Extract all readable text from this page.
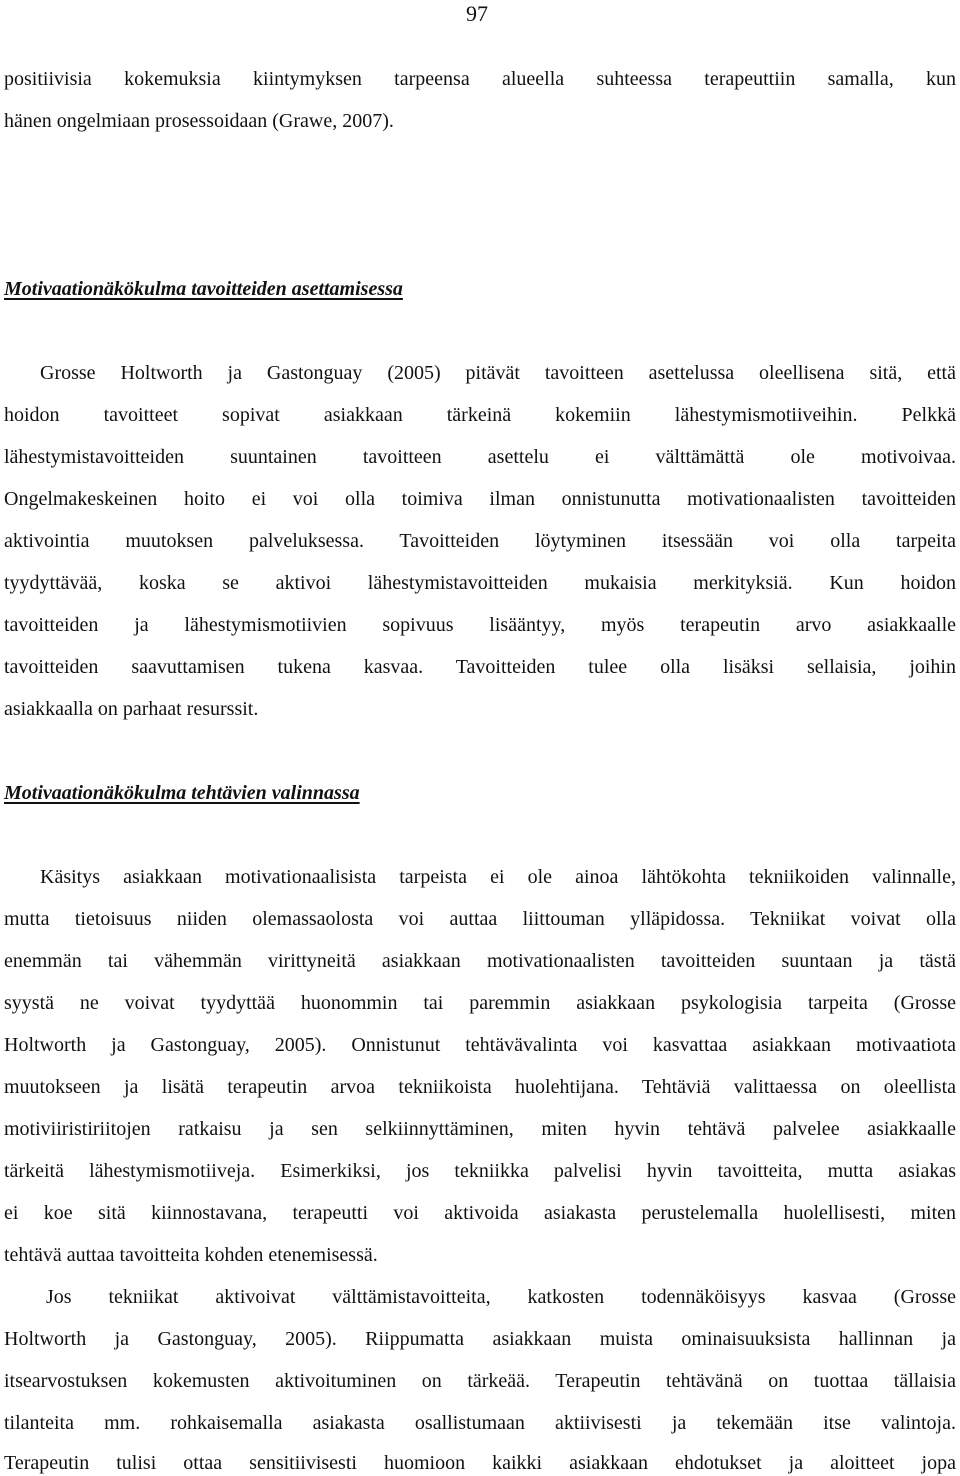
97
positiivisia kokemuksia kiintymyksen tarpeensa alueella suhteessa terapeuttiin samalla, kun
hänen ongelmiaan prosessoidaan (Grawe, 2007).
Motivaationäkökulma tavoitteiden asettamisessa
Grosse Holtworth ja Gastonguay (2005) pitävät tavoitteen asettelussa oleellisena sitä, että
hoidon tavoitteet sopivat asiakkaan tärkeinä kokemiin lähestymismotiiveihin. Pelkkä
lähestymistavoitteiden suuntainen tavoitteen asettelu ei välttämättä ole motivoivaa.
Ongelmakeskeinen hoito ei voi olla toimiva ilman onnistunutta motivationaalisten tavoitteiden
aktivointia muutoksen palveluksessa. Tavoitteiden löytyminen itsessään voi olla tarpeita
tyydyttävää, koska se aktivoi lähestymistavoitteiden mukaisia merkityksiä. Kun hoidon
tavoitteiden ja lähestymismotiivien sopivuus lisääntyy, myös terapeutin arvo asiakkaalle
tavoitteiden saavuttamisen tukena kasvaa. Tavoitteiden tulee olla lisäksi sellaisia, joihin
asiakkaalla on parhaat resurssit.
Motivaationäkökulma tehtävien valinnassa
Käsitys asiakkaan motivationaalisista tarpeista ei ole ainoa lähtökohta tekniikoiden valinnalle,
mutta tietoisuus niiden olemassaolosta voi auttaa liittouman ylläpidossa. Tekniikat voivat olla
enemmän tai vähemmän virittyneitä asiakkaan motivationaalisten tavoitteiden suuntaan ja tästä
syystä ne voivat tyydyttää huonommin tai paremmin asiakkaan psykologisia tarpeita (Grosse
Holtworth ja Gastonguay, 2005). Onnistunut tehtävävalinta voi kasvattaa asiakkaan motivaatiota
muutokseen ja lisätä terapeutin arvoa tekniikoista huolehtijana. Tehtäviä valittaessa on oleellista
motiviiristiriitojen ratkaisu ja sen selkiinnyttäminen, miten hyvin tehtävä palvelee asiakkaalle
tärkeitä lähestymismotiiveja. Esimerkiksi, jos tekniikka palvelisi hyvin tavoitteita, mutta asiakas
ei koe sitä kiinnostavana, terapeutti voi aktivoida asiakasta perustelemalla huolellisesti, miten
tehtävä auttaa tavoitteita kohden etenemisessä.
Jos tekniikat aktivoivat välttämistavoitteita, katkosten todennäköisyys kasvaa (Grosse
Holtworth ja Gastonguay, 2005). Riippumatta asiakkaan muista ominaisuuksista hallinnan ja
itsearvostuksen kokemusten aktivoituminen on tärkeää. Terapeutin tehtävänä on tuottaa tällaisia
tilanteita mm. rohkaisemalla asiakasta osallistumaan aktiivisesti ja tekemään itse valintoja.
Terapeutin tulisi ottaa sensitiivisesti huomioon kaikki asiakkaan ehdotukset ja aloitteet jopa
